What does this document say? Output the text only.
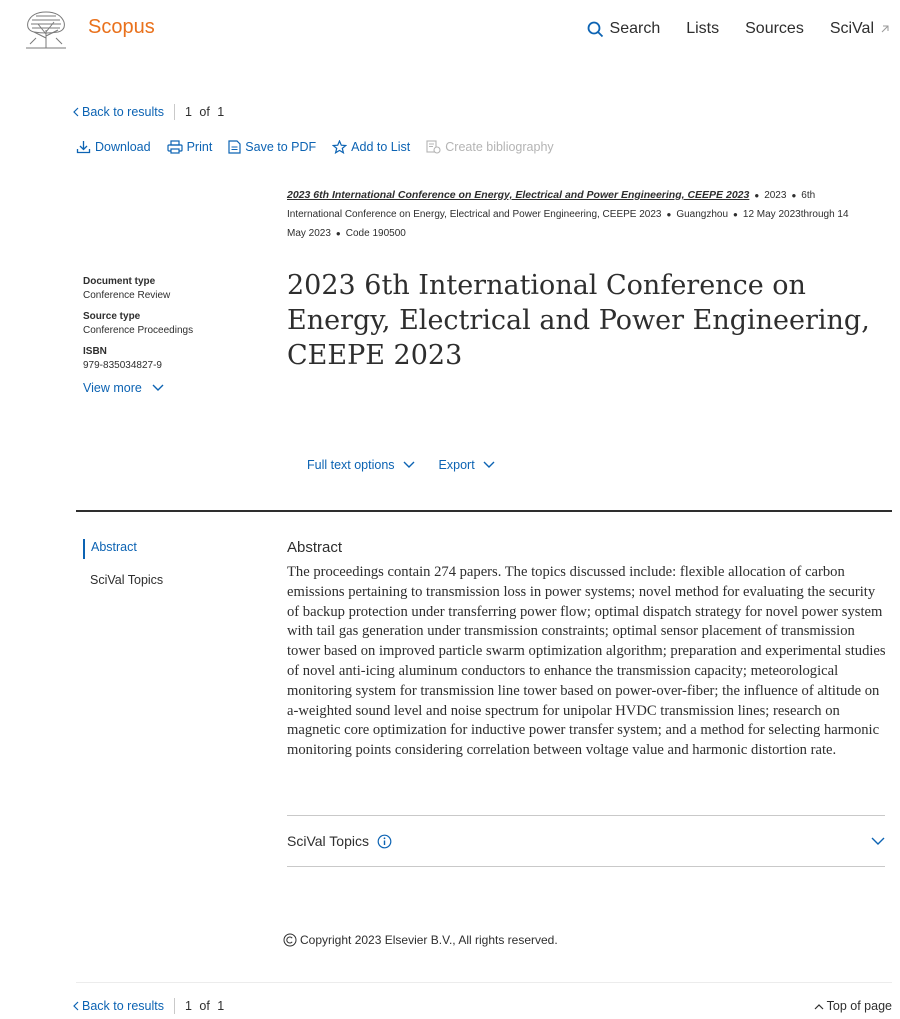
Scopus	Search Lists Sources SciVal
Back to results 1 of 1
Download	Print	Save to PDF	Add to List	Create bibliography
2023 6th International Conference on Energy, Electrical and Power Engineering, CEEPE 2023 ● 2023 ● 6th
International Conference on Energy, Electrical and Power Engineering, CEEPE 2023 ● Guangzhou ● 12 May 2023through 14
May 2023 ● Code 190500
Document type
Conference Review
Source type
Conference Proceedings
ISBN
979-835034827-9
View more
2023 6th International Conference on Energy, Electrical and Power Engineering, CEEPE 2023
Full text options	Export
Abstract
SciVal Topics
Abstract

The proceedings contain 274 papers. The topics discussed include: flexible allocation of carbon emissions pertaining to transmission loss in power systems; novel method for evaluating the security of backup protection under transferring power flow; optimal dispatch strategy for novel power system with tail gas generation under transmission constraints; optimal sensor placement of transmission tower based on improved particle swarm optimization algorithm; preparation and experimental studies of novel anti-icing aluminum conductors to enhance the transmission capacity; meteorological monitoring system for transmission line tower based on power-over-fiber; the influence of altitude on a-weighted sound level and noise spectrum for unipolar HVDC transmission lines; research on magnetic core optimization for inductive power transfer system; and a method for selecting harmonic monitoring points considering correlation between voltage value and harmonic distortion rate.

SciVal Topics
Copyright 2023 Elsevier B.V., All rights reserved.
Back to results 1 of 1	Top of page
